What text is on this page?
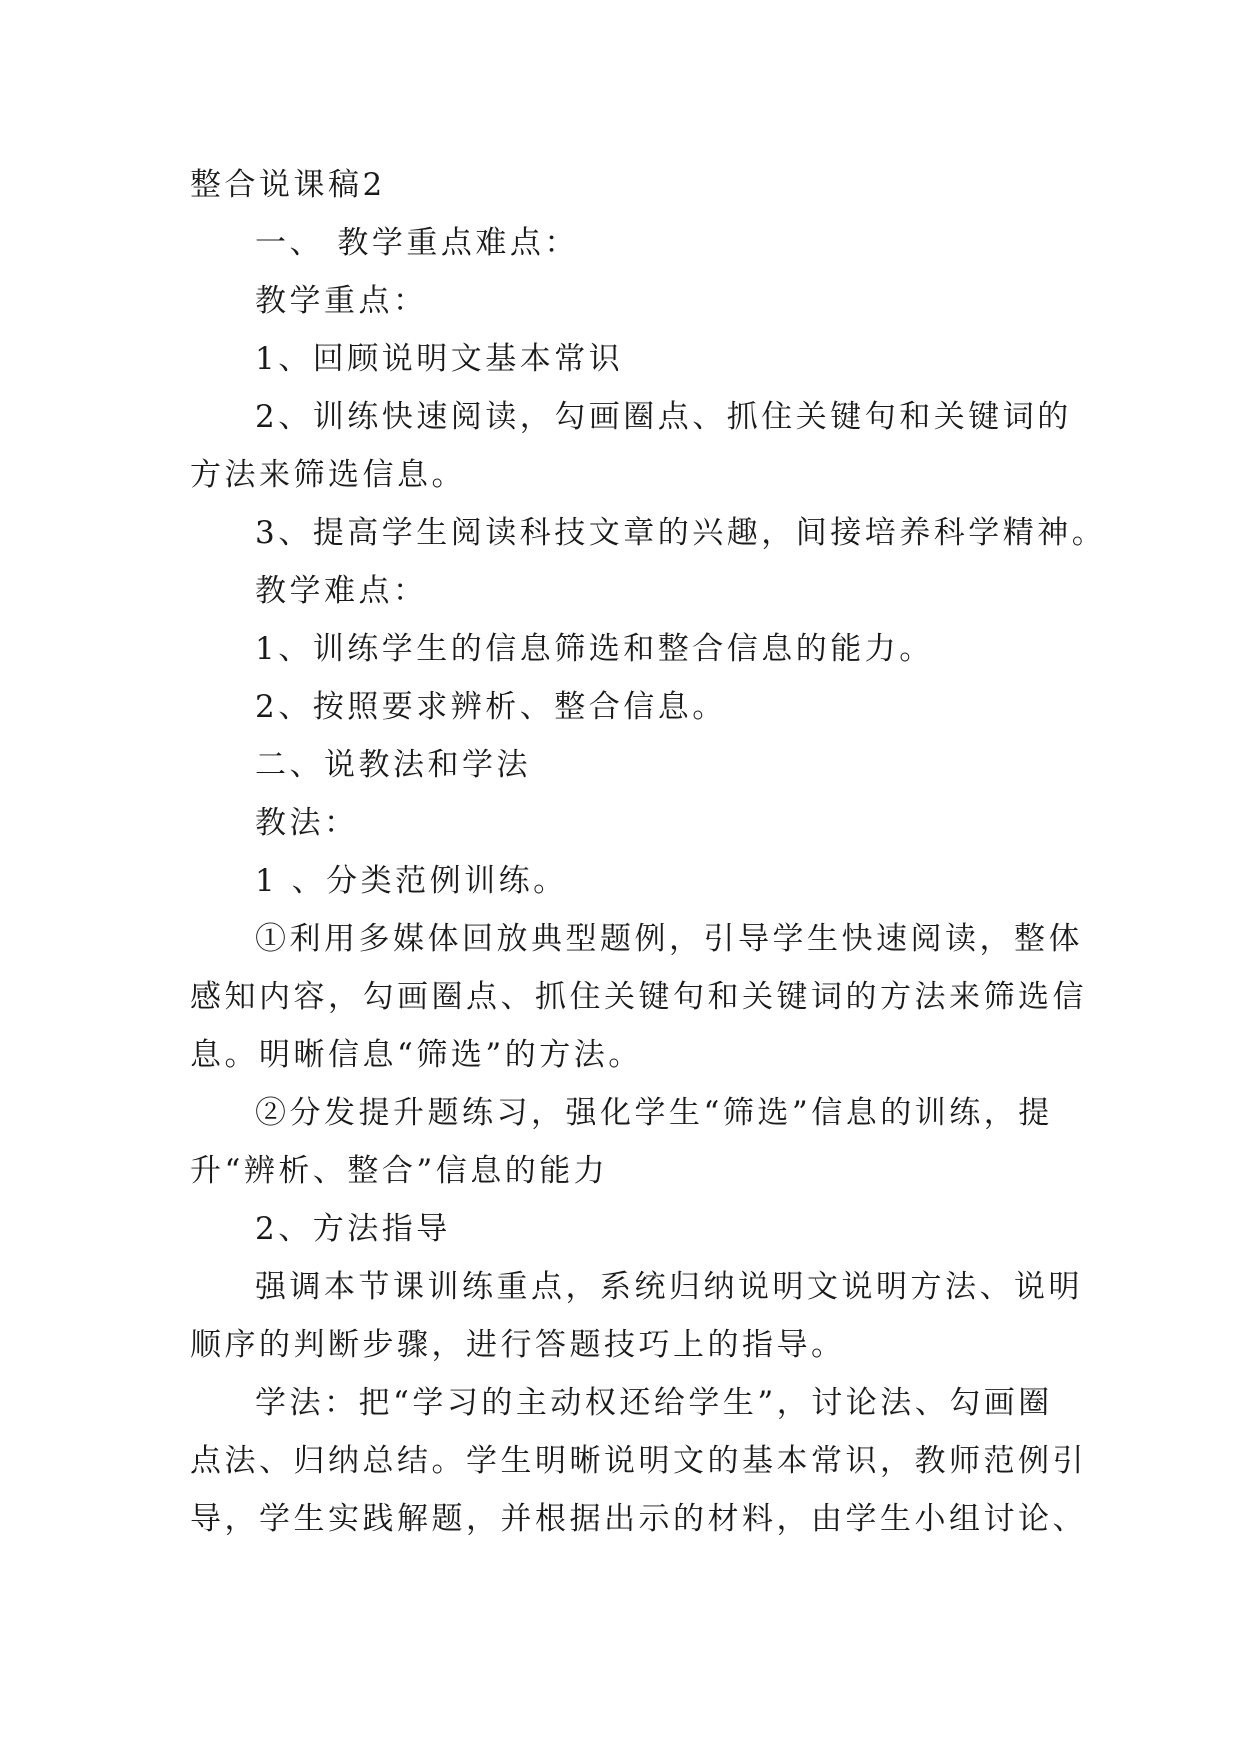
整合说课稿2
一、 教学重点难点：
教学重点：
1、回顾说明文基本常识
2、训练快速阅读，勾画圈点、抓住关键句和关键词的
方法来筛选信息。
3、提高学生阅读科技文章的兴趣，间接培养科学精神。
教学难点：
1、训练学生的信息筛选和整合信息的能力。
2、按照要求辨析、整合信息。
二、说教法和学法
教法：
1 、分类范例训练。
①利用多媒体回放典型题例，引导学生快速阅读，整体
感知内容，勾画圈点、抓住关键句和关键词的方法来筛选信
息。明晰信息“筛选”的方法。
②分发提升题练习，强化学生“筛选”信息的训练，提
升“辨析、整合”信息的能力
2、方法指导
强调本节课训练重点，系统归纳说明文说明方法、说明
顺序的判断步骤，进行答题技巧上的指导。
学法：把“学习的主动权还给学生”，讨论法、勾画圈
点法、归纳总结。学生明晰说明文的基本常识，教师范例引
导，学生实践解题，并根据出示的材料，由学生小组讨论、
